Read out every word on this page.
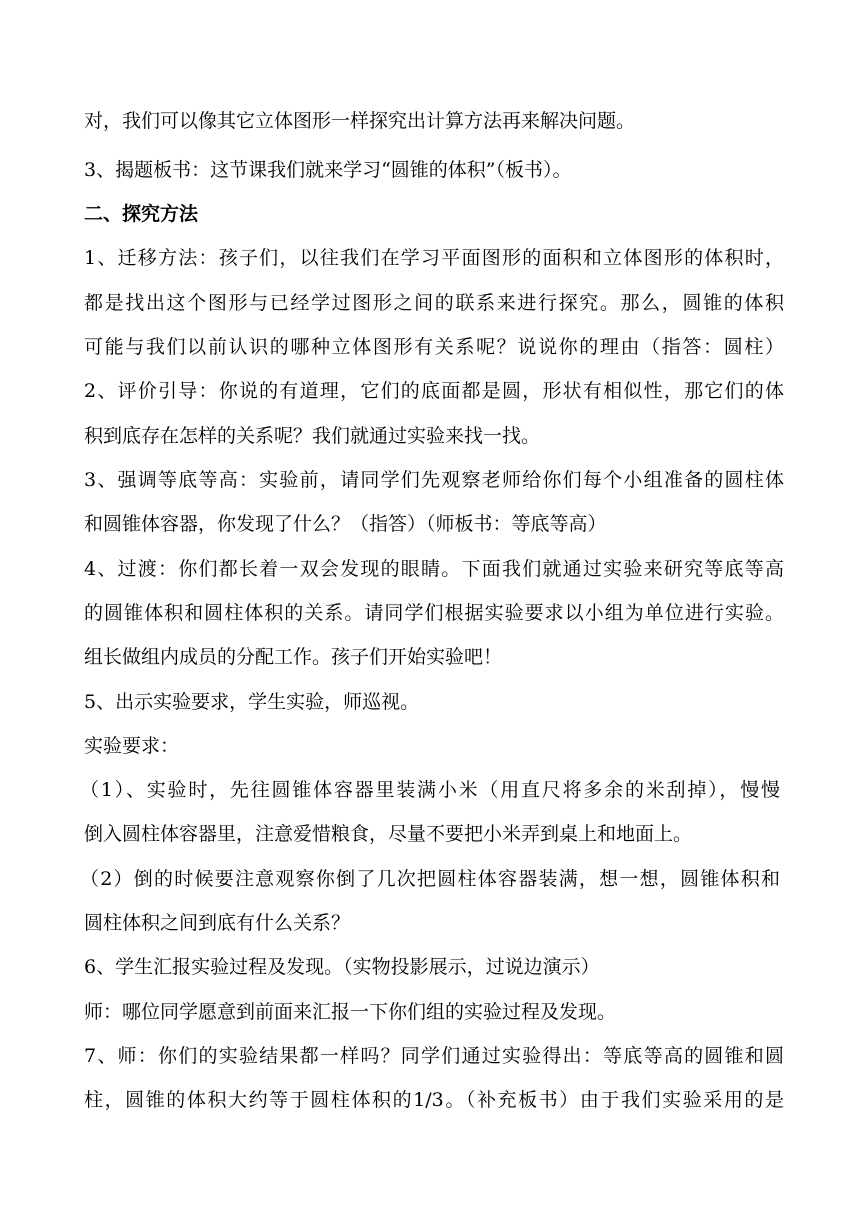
对，我们可以像其它立体图形一样探究出计算方法再来解决问题。

3、揭题板书：这节课我们就来学习“圆锥的体积”（板书）。

二、探究方法

1、迁移方法：孩子们，以往我们在学习平面图形的面积和立体图形的体积时，

都是找出这个图形与已经学过图形之间的联系来进行探究。那么，圆锥的体积

可能与我们以前认识的哪种立体图形有关系呢？说说你的理由（指答：圆柱）

2、评价引导：你说的有道理，它们的底面都是圆，形状有相似性，那它们的体

积到底存在怎样的关系呢？我们就通过实验来找一找。

3、强调等底等高：实验前，请同学们先观察老师给你们每个小组准备的圆柱体

和圆锥体容器，你发现了什么？（指答）（师板书：等底等高）

4、过渡：你们都长着一双会发现的眼睛。下面我们就通过实验来研究等底等高

的圆锥体积和圆柱体积的关系。请同学们根据实验要求以小组为单位进行实验。

组长做组内成员的分配工作。孩子们开始实验吧！

5、出示实验要求，学生实验，师巡视。

实验要求：

（1）、实验时，先往圆锥体容器里装满小米（用直尺将多余的米刮掉），慢慢

倒入圆柱体容器里，注意爱惜粮食，尽量不要把小米弄到桌上和地面上。

（2）倒的时候要注意观察你倒了几次把圆柱体容器装满，想一想，圆锥体积和

圆柱体积之间到底有什么关系？

6、学生汇报实验过程及发现。（实物投影展示，过说边演示）

师：哪位同学愿意到前面来汇报一下你们组的实验过程及发现。

7、师：你们的实验结果都一样吗？同学们通过实验得出：等底等高的圆锥和圆

柱，圆锥的体积大约等于圆柱体积的1/3。（补充板书）由于我们实验采用的是
